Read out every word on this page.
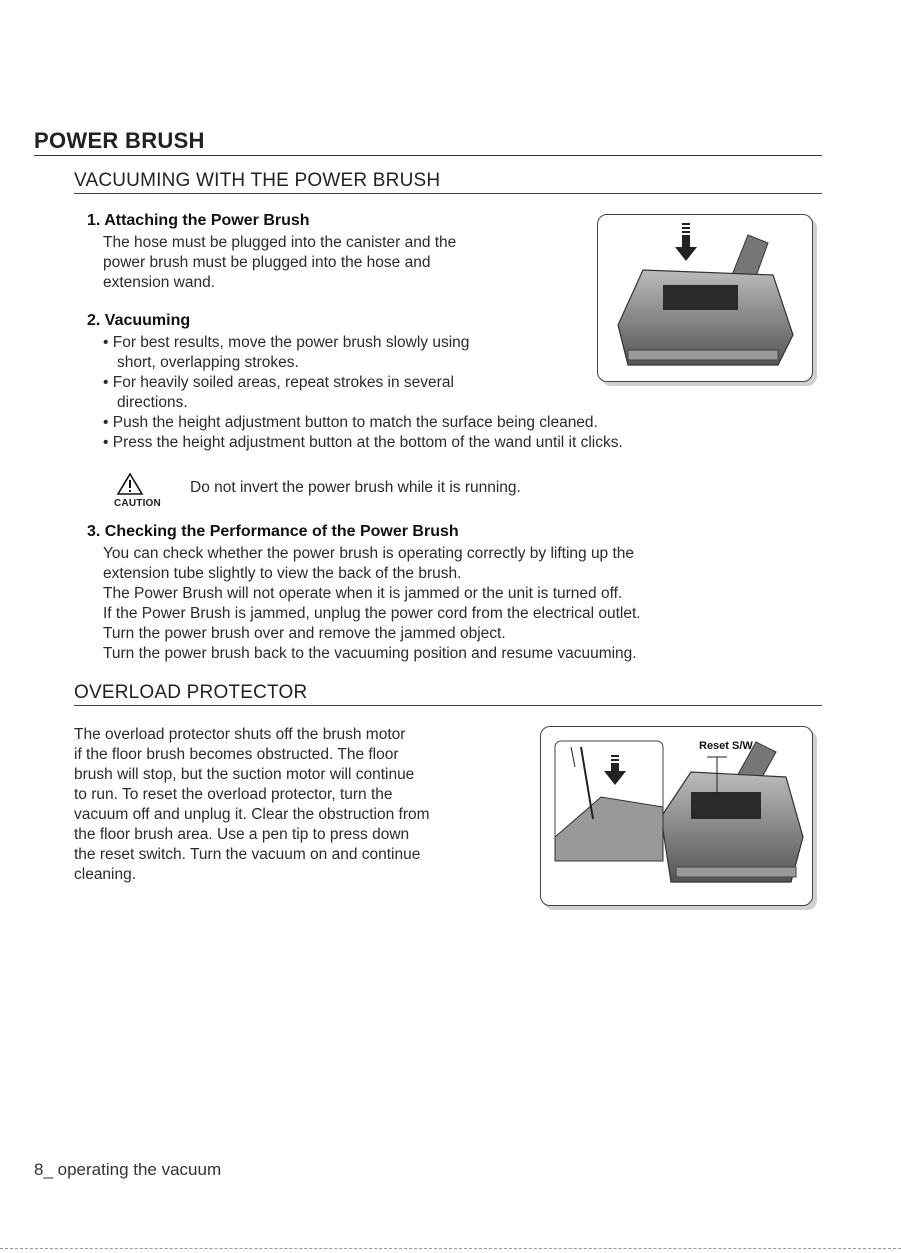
POWER BRUSH
VACUUMING WITH THE POWER BRUSH
1. Attaching the Power Brush
The hose must be plugged into the canister and the
power brush must be plugged into the hose and
extension wand.
2. Vacuuming
• For best results, move the power brush slowly using
short, overlapping strokes.
• For heavily soiled areas, repeat strokes in several
directions.
• Push the height adjustment button to match the surface being cleaned.
• Press the height adjustment button at the bottom of the wand until it clicks.
CAUTION
Do not invert the power brush while it is running.
3. Checking the Performance of the Power Brush
You can check whether the power brush is operating correctly by lifting up the
extension tube slightly to view the back of the brush.
The Power Brush will not operate when it is jammed or the unit is turned off.
If the Power Brush is jammed, unplug the power cord from the electrical outlet.
Turn the power brush over and remove the jammed object.
Turn the power brush back to the vacuuming position and resume vacuuming.
OVERLOAD PROTECTOR
The overload protector shuts off the brush motor
if the floor brush becomes obstructed. The floor
brush will stop, but the suction motor will continue
to run. To reset the overload protector, turn the
vacuum off and unplug it. Clear the obstruction from
the floor brush area. Use a pen tip to press down
the reset switch. Turn the vacuum on and continue
cleaning.
Reset S/W
8_ operating the vacuum
